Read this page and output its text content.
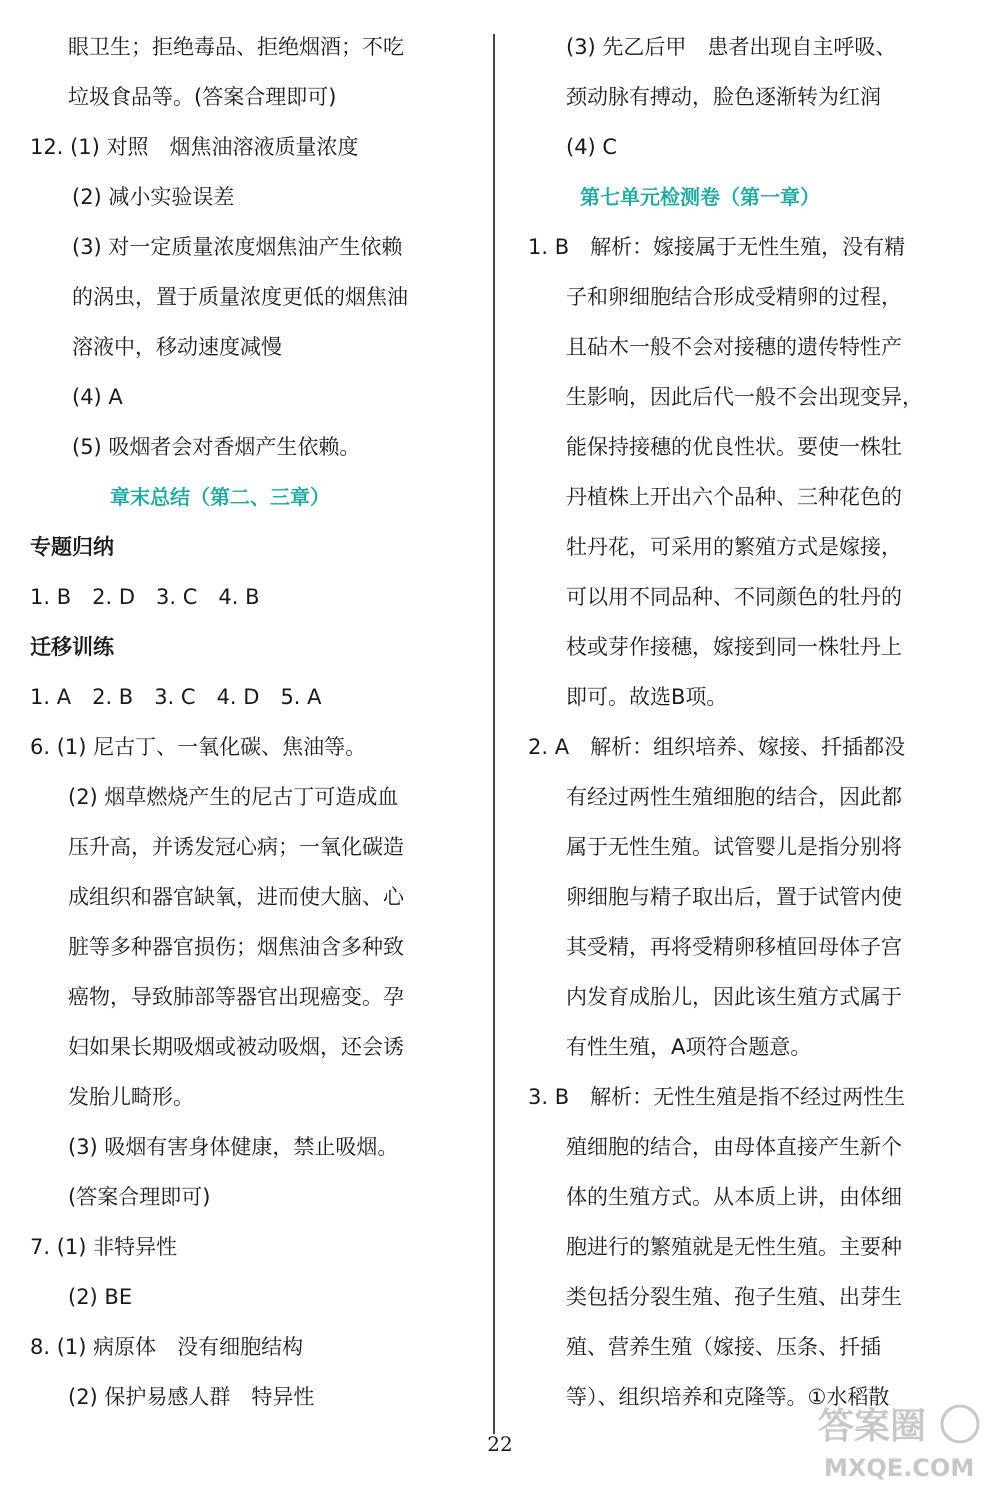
眼卫生；拒绝毒品、拒绝烟酒；不吃
垃圾食品等。(答案合理即可)
12. (1) 对照　烟焦油溶液质量浓度
(2) 减小实验误差
(3) 对一定质量浓度烟焦油产生依赖
的涡虫，置于质量浓度更低的烟焦油
溶液中，移动速度减慢
(4) A
(5) 吸烟者会对香烟产生依赖。
章末总结（第二、三章）
专题归纳
1. B　2. D　3. C　4. B
迁移训练
1. A　2. B　3. C　4. D　5. A
6. (1) 尼古丁、一氧化碳、焦油等。
(2) 烟草燃烧产生的尼古丁可造成血
压升高，并诱发冠心病；一氧化碳造
成组织和器官缺氧，进而使大脑、心
脏等多种器官损伤；烟焦油含多种致
癌物，导致肺部等器官出现癌变。孕
妇如果长期吸烟或被动吸烟，还会诱
发胎儿畸形。
(3) 吸烟有害身体健康，禁止吸烟。
(答案合理即可)
7. (1) 非特异性
(2) BE
8. (1) 病原体　没有细胞结构
(2) 保护易感人群　特异性
(3) 先乙后甲　患者出现自主呼吸、
颈动脉有搏动，脸色逐渐转为红润
(4) C
第七单元检测卷（第一章）
1. B　解析：嫁接属于无性生殖，没有精
子和卵细胞结合形成受精卵的过程，
且砧木一般不会对接穗的遗传特性产
生影响，因此后代一般不会出现变异，
能保持接穗的优良性状。要使一株牡
丹植株上开出六个品种、三种花色的
牡丹花，可采用的繁殖方式是嫁接，
可以用不同品种、不同颜色的牡丹的
枝或芽作接穗，嫁接到同一株牡丹上
即可。故选B项。
2. A　解析：组织培养、嫁接、扦插都没
有经过两性生殖细胞的结合，因此都
属于无性生殖。试管婴儿是指分别将
卵细胞与精子取出后，置于试管内使
其受精，再将受精卵移植回母体子宫
内发育成胎儿，因此该生殖方式属于
有性生殖，A项符合题意。
3. B　解析：无性生殖是指不经过两性生
殖细胞的结合，由母体直接产生新个
体的生殖方式。从本质上讲，由体细
胞进行的繁殖就是无性生殖。主要种
类包括分裂生殖、孢子生殖、出芽生
殖、营养生殖（嫁接、压条、扦插
等）、组织培养和克隆等。①水稻散
22	答案圈
MXQE.COM
